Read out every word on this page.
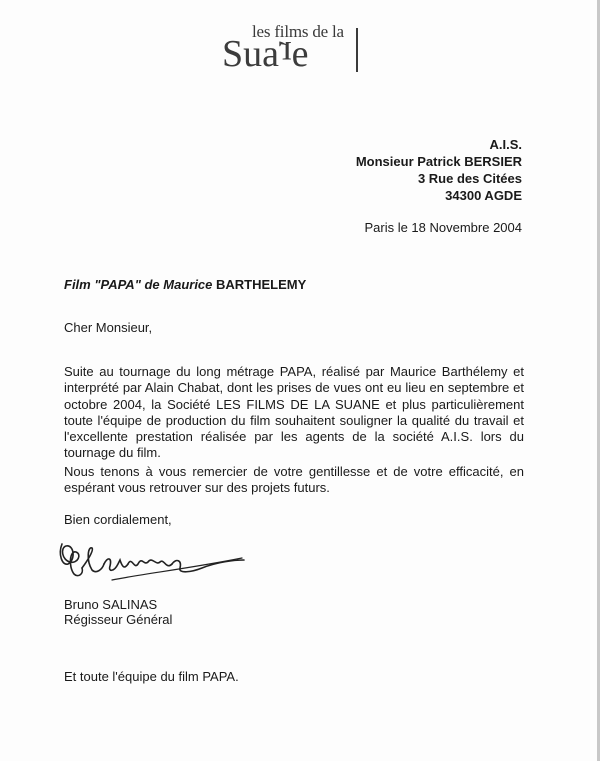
les films de la
Suaɹe
A.I.S.
Monsieur Patrick BERSIER
3 Rue des Citées
34300 AGDE
Paris le 18 Novembre 2004
Film "PAPA" de Maurice BARTHELEMY
Cher Monsieur,
Suite au tournage du long métrage PAPA, réalisé par Maurice Barthélemy et interprété par Alain Chabat, dont les prises de vues ont eu lieu en septembre et octobre 2004, la Société LES FILMS DE LA SUANE et plus particulièrement toute l'équipe de production du film souhaitent souligner la qualité du travail et l'excellente prestation réalisée par les agents de la société A.I.S. lors du tournage du film.
Nous tenons à vous remercier de votre gentillesse et de votre efficacité, en espérant vous retrouver sur des projets futurs.
Bien cordialement,
Bruno SALINAS
Régisseur Général
Et toute l'équipe du film PAPA.
